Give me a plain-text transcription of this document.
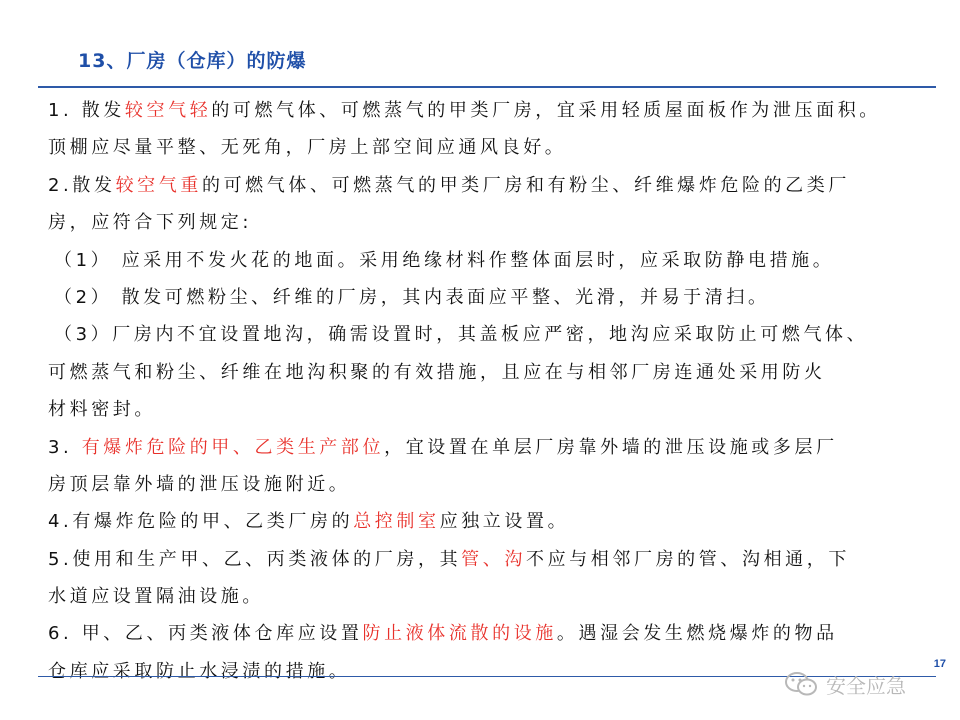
13、厂房（仓库）的防爆
1. 散发较空气轻的可燃气体、可燃蒸气的甲类厂房，宜采用轻质屋面板作为泄压面积。
顶棚应尽量平整、无死角，厂房上部空间应通风良好。
2.散发较空气重的可燃气体、可燃蒸气的甲类厂房和有粉尘、纤维爆炸危险的乙类厂
房，应符合下列规定:
（1） 应采用不发火花的地面。采用绝缘材料作整体面层时，应采取防静电措施。
（2） 散发可燃粉尘、纤维的厂房，其内表面应平整、光滑，并易于清扫。
（3）厂房内不宜设置地沟，确需设置时，其盖板应严密，地沟应采取防止可燃气体、
可燃蒸气和粉尘、纤维在地沟积聚的有效措施，且应在与相邻厂房连通处采用防火
材料密封。
3. 有爆炸危险的甲、乙类生产部位，宜设置在单层厂房靠外墙的泄压设施或多层厂
房顶层靠外墙的泄压设施附近。
4.有爆炸危险的甲、乙类厂房的总控制室应独立设置。
5.使用和生产甲、乙、丙类液体的厂房，其管、沟不应与相邻厂房的管、沟相通，下
水道应设置隔油设施。
6. 甲、乙、丙类液体仓库应设置防止液体流散的设施。遇湿会发生燃烧爆炸的物品
仓库应采取防止水浸渍的措施。	17
安全应急
